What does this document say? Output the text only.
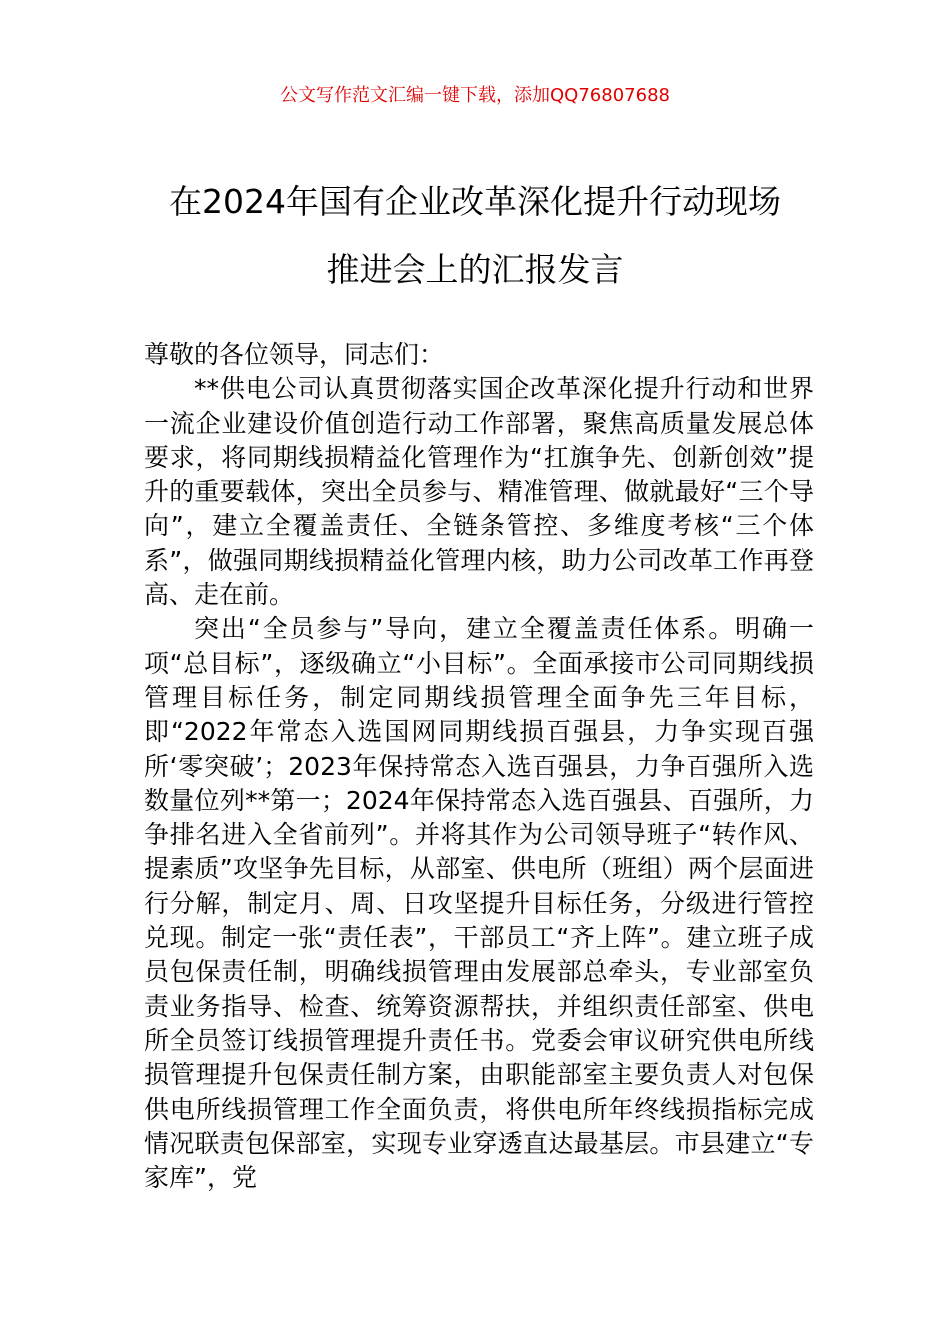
公文写作范文汇编一键下载，添加QQ76807688
在2024年国有企业改革深化提升行动现场
推进会上的汇报发言

尊敬的各位领导，同志们：

**供电公司认真贯彻落实国企改革深化提升行动和世界一流企业建设价值创造行动工作部署，聚焦高质量发展总体要求，将同期线损精益化管理作为“扛旗争先、创新创效”提升的重要载体，突出全员参与、精准管理、做就最好“三个导向”，建立全覆盖责任、全链条管控、多维度考核“三个体系”，做强同期线损精益化管理内核，助力公司改革工作再登高、走在前。

突出“全员参与”导向，建立全覆盖责任体系。明确一项“总目标”，逐级确立“小目标”。全面承接市公司同期线损管理目标任务，制定同期线损管理全面争先三年目标，即“2022年常态入选国网同期线损百强县，力争实现百强所‘零突破’；2023年保持常态入选百强县，力争百强所入选数量位列**第一；2024年保持常态入选百强县、百强所，力争排名进入全省前列”。并将其作为公司领导班子“转作风、提素质”攻坚争先目标，从部室、供电所（班组）两个层面进行分解，制定月、周、日攻坚提升目标任务，分级进行管控兑现。制定一张“责任表”，干部员工“齐上阵”。建立班子成员包保责任制，明确线损管理由发展部总牵头，专业部室负责业务指导、检查、统筹资源帮扶，并组织责任部室、供电所全员签订线损管理提升责任书。党委会审议研究供电所线损管理提升包保责任制方案，由职能部室主要负责人对包保供电所线损管理工作全面负责，将供电所年终线损指标完成情况联责包保部室，实现专业穿透直达最基层。市县建立“专家库”，党
